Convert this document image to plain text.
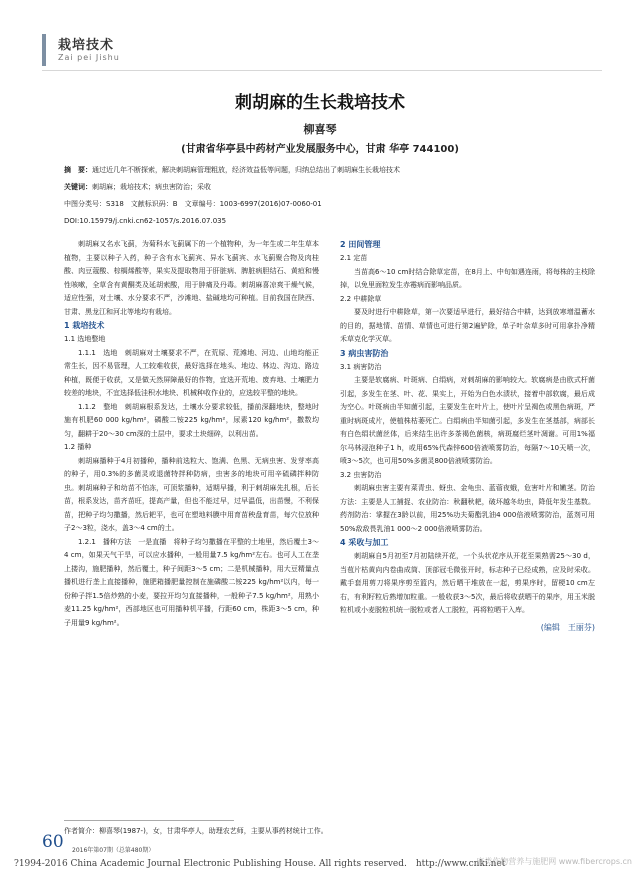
栽培技术
Zai pei Jishu
刺胡麻的生长栽培技术
柳喜琴
(甘肃省华亭县中药材产业发展服务中心，甘肃 华亭 744100)
摘　要：通过近几年不断探索，解决刺胡麻管理粗放，经济效益低等问题，归纳总结出了刺胡麻生长栽培技术
关键词：刺胡麻；栽培技术；病虫害防治；采收
中图分类号：S318　文献标识码：B　文章编号：1003-6997(2016)07-0060-01
DOI:10.15979/j.cnki.cn62-1057/s.2016.07.035

刺胡麻又名水飞蓟，为菊科水飞蓟属下的一个植物种，为一年生或二年生草本植物，主要以种子入药，种子含有水飞蓟宾、异水飞蓟宾、水飞蓟聚合物及肉桂酸、肉豆蔻酸、棕榈烯酸等，果实及提取物用于肝脏病、脾脏病胆结石、黄疸和慢性咳嗽，全草含有黄酮类及延胡索酸，用于肿痛及丹毒。刺胡麻喜凉爽干燥气候，适应性强，对土壤、水分要求不严，沙滩地、盐碱地均可种植。目前我国在陕西、甘肃、黑龙江和河北等地均有栽培。

1 栽培技术
1.1 选地整地

1.1.1　选地　刺胡麻对土壤要求不严，在荒原、荒滩地、河边、山地均能正常生长，因不易管理，人工较难收获，最好选择在地头、地边、林边、沟边、路边种植，既便于收获，又是做天然屏障最好的作物，宜选开荒地、废弃地、土壤肥力较差的地块，不宜选择低洼积水地块、机械种收作业的，应选较平整的地块。

1.1.2　整地　刺胡麻根系发达，土壤水分要求较低，播前深翻地块，整地时施有机肥60 000 kg/hm²，磷酸二铵225 kg/hm²，尿素120 kg/hm²，撒数均匀，翻耕于20～30 cm深的土层中，要求土块细碎，以利出苗。

1.2 播种

刺胡麻播种于4月初播种，播种前选粒大、饱满、色黑、无病虫害、发芽率高的种子，用0.3%的多菌灵或退菌特拌种防病，虫害多的地块可用辛硫磷拌种防虫。刺胡麻种子和幼苗不怕冻，可顶浆播种，适期早播，利于刺胡麻先扎根，后长苗，根系发达，苗齐苗旺，提高产量，但也不能过早，过早温低，出苗慢，不利保苗，把种子均匀撒播，然后耙平，也可在塑地料膜中用育苗秧盘育苗，每穴位放种子2～3粒，浇水，盖3～4 cm的土。

1.2.1　播种方法　一是直播　将种子均匀撒播在平整的土地里，然后覆土3～4 cm，如果天气干旱，可以应水播种，一般用量7.5 kg/hm²左右。也可人工在垄上搂沟，施肥播种，然后覆土，种子间距3～5 cm；二是机械播种，用大豆精量点播机进行垄上直接播种，施肥箱播肥量控制在施磷酸二铵225 kg/hm²以内，每一份种子拌1.5倍炒熟的小麦，要拉开均匀直接播种，一般种子7.5 kg/hm²，用熟小麦11.25 kg/hm²，西部地区也可用播种机平播，行距60 cm，株距3～5 cm，种子用量9 kg/hm²。

2 田间管理
2.1 定苗

当苗高6～10 cm时结合除草定苗，在8月上、中旬如遇连雨，将每株的主枝除掉，以免里面粒发生赤霉病而影响品质。

2.2 中耕除草

要及时进行中耕除草，第一次要适早进行，最好结合中耕，达到放寒增温蓄水的目的，据地情、苗情、草情也可进行第2遍铲除，单子叶杂草多时可用拿扑净精禾草克化学灭草。

3 病虫害防治
3.1 病害防治

主要是软腐病、叶斑病、白绢病，对刺胡麻的影响较大。软腐病是由欧式杆菌引起，多发生在茎、叶、花、果实上，开始为白色水渍状，接着中部软腐，最后成为空心。叶斑病由半知菌引起，主要发生在叶片上，使叶片呈褐色或黑色病斑，严重时病斑成片，使植株枯萎死亡。白绢病由半知菌引起，多发生在茎基部，病部长有白色绢状菌丝体，后来结生出许多茶褐色菌核，病斑腐烂茎叶凋谢。可用1%福尔马林浸泡种子1 h，或用65%代森锌600倍液喷雾防治，每隔7～10天喷一次，喷3～5次，也可用50%多菌灵800倍液喷雾防治。

3.2 虫害防治

刺胡麻虫害主要有菜青虫、蚜虫、金龟虫、蓝蓿夜蛾，危害叶片和嫩茎。防治方法：主要是人工捕捉、农业防治：秋翻秋耙，破坏越冬幼虫，降低年发生基数。药剂防治：掌握在3龄以前，用25%功夫菊酯乳油4 000倍液喷雾防治，蓝剂可用50%敌敌畏乳油1 000～2 000倍液喷雾防治。

4 采收与加工

刺胡麻自5月初至7月初陆续开花，一个头状花序从开花至果熟需25～30 d，当苞片枯黄向内卷曲成筒、顶部冠毛微张开时，标志种子已经成熟，应及时采收。戴手套用剪刀将果序剪至篮内，然后晒干堆放在一起，剪果序时，留梗10 cm左右，有利籽粒后熟增加粒重。一般收获3～5次，最后将收获晒干的果序，用玉米脱粒机或小麦脱粒机统一脱粒或者人工脱粒，再将粒晒干入库。

(编辑　王丽芬)
作者简介：柳喜琴(1987-)，女，甘肃华亭人，助理农艺师，主要从事药材统计工作。
60 2016年第07期（总第480期）
?1994-2016 China Academic Journal Electronic Publishing House. All rights reserved.　http://www.cnki.net
麻类作物营养与施肥网 www.fibercrops.cn
